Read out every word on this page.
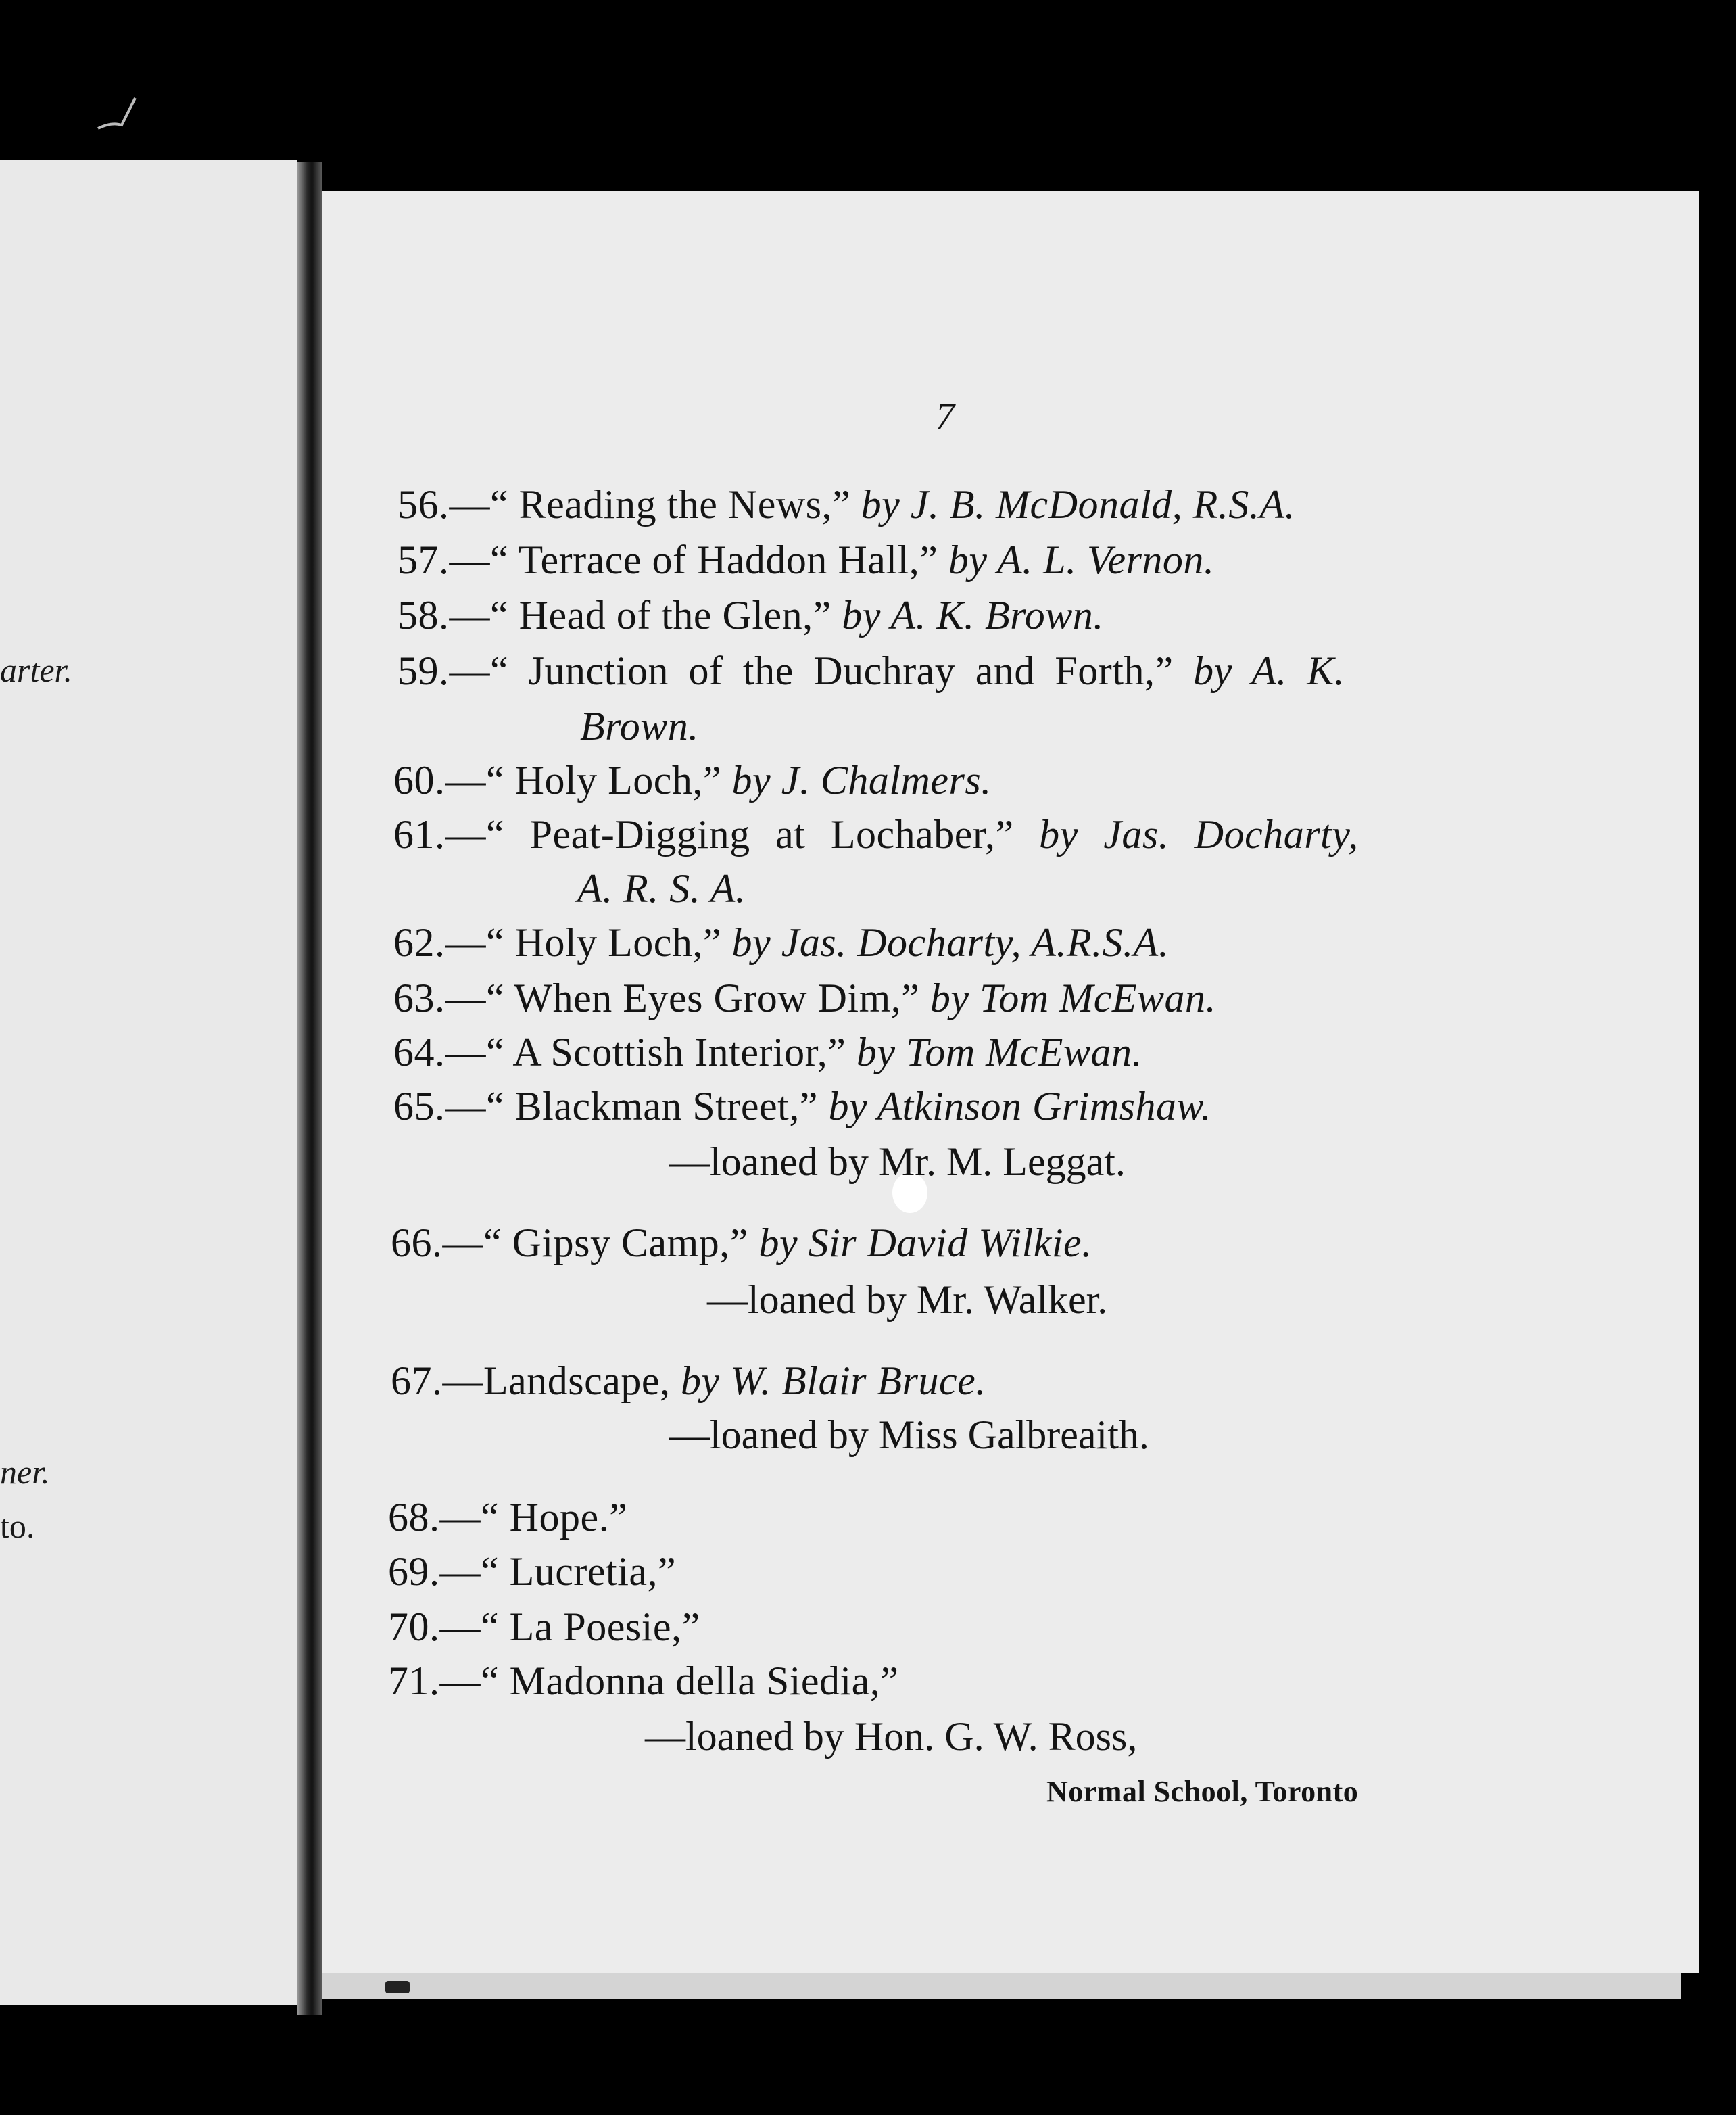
arter.
ner.
to.
7
56.—“ Reading the News,” by J. B. McDonald, R.S.A.
57.—“ Terrace of Haddon Hall,” by A. L. Vernon.
58.—“ Head of the Glen,” by A. K. Brown.
59.—“ Junction of the Duchray and Forth,” by A. K.
Brown.
60.—“ Holy Loch,” by J. Chalmers.
61.—“ Peat-Digging at Lochaber,” by Jas. Docharty,
A. R. S. A.
62.—“ Holy Loch,” by Jas. Docharty, A.R.S.A.
63.—“ When Eyes Grow Dim,” by Tom McEwan.
64.—“ A Scottish Interior,” by Tom McEwan.
65.—“ Blackman Street,” by Atkinson Grimshaw.
—loaned by Mr. M. Leggat.
66.—“ Gipsy Camp,” by Sir David Wilkie.
—loaned by Mr. Walker.
67.—Landscape, by W. Blair Bruce.
—loaned by Miss Galbreaith.
68.—“ Hope.”
69.—“ Lucretia,”
70.—“ La Poesie,”
71.—“ Madonna della Siedia,”
—loaned by Hon. G. W. Ross,
Normal School, Toronto
